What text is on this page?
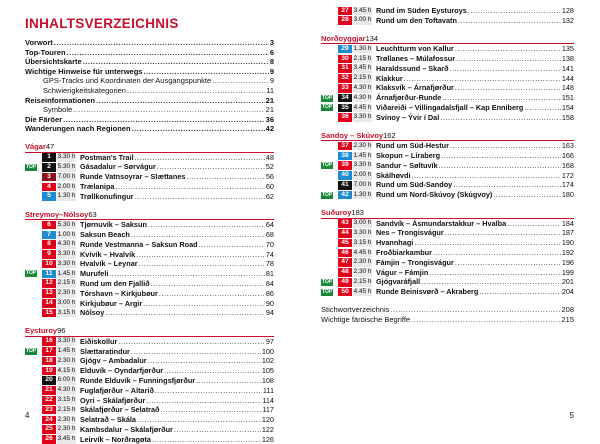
INHALTSVERZEICHNIS
Vorwort .....	3
Top-Touren .....	6
Übersichtskarte .....	8
Wichtige Hinweise für unterwegs .....	9
GPS-Tracks und Koordinaten der Ausgangspunkte .....	9
Schwierigkeitskategorien .....	11
Reiseinformationen .....	21
Symbole .....	21
Die Färöer .....	36
Wanderungen nach Regionen .....	42
Vágar 47
1	3.30 h Postman's Trail .....	48
TOP	2	5.30 h Gásadalur – Sørvágur .....	52
3	7.00 h Runde Vatnsoyrar – Slættanes .....	56
4	2.00 h Trælanipa .....	60
5	1.30 h Trøllkonufingur .....	62
Streymoy–Nólsoy 63
6	5.30 h Tjørnuvík – Saksun .....	64
7	1.00 h Saksun Beach .....	68
8	4.30 h Runde Vestmanna – Saksun Road .....	70
9	3.30 h Kvívík – Hvalvík .....	74
10 3.30 h Hvalvík – Leynar .....	78
TOP	11 1.45 h Murufeli .....	81
12 2.15 h Rund um den Fjallið .....	84
13 2.30 h Tórshavn – Kirkjubøur .....	86
14 3.00 h Kirkjubøur – Argir .....	90
15 3.15 h Nólsoy .....	94
Eysturoy 96
16 3.30 h Eiðiskollur .....	97
TOP	17 1.45 h Slættaratindur .....	100
18 2.30 h Gjógv – Ambadalur .....	102
19 4.15 h Elduvík – Oyndarfjørður .....	105
20 6.00 h Runde Elduvík – Funningsfjørður .....	108
21 4.30 h Fuglafjørður – Altarið .....	111
22 3.15 h Oyri – Skálafjørður .....	114
23 2.15 h Skálafjørður – Selatrað .....	117
24 2.30 h Selatrað – Skála .....	120
25 2.30 h Kambsdalur – Skálafjørður .....	122
26 3.45 h Leirvík – Norðragøta .....	126
4
27 3.45 h Rund im Süden Eysturoys .....	128
28 3.00 h Rund um den Toftavatn .....	132
Norðoyggjar 134
29 1.30 h Leuchtturm von Kallur .....	135
30 2.15 h Trøllanes – Múlafossur .....	138
31 3.45 h Haraldssund – Skarð .....	141
32 2.15 h Klakkur .....	144
33 4.30 h Klaksvík – Árnafjørður .....	148
TOP	34 4.30 h Árnafjørður-Runde .....	151
TOP	35 4.45 h Viðareiði – Villingadalsfjall – Kap Enniberg .....	154
36 3.30 h Svínoy – Ývir í Dal .....	158
Sandoy – Skúvoy 162
37 2.30 h Rund um Süd-Hestur .....	163
38 1.45 h Skopun – Líraberg .....	166
TOP	39 3.30 h Sandur – Søltuvík .....	168
40 2.00 h Skálhøvdi .....	172
41 7.00 h Rund um Süd-Sandoy .....	174
TOP	42 1.30 h Rund um Nord-Skúvoy (Skúgvoy) .....	180
Suðuroy 183
43 3.00 h Sandvík – Ásmundarstakkur – Hvalba .....	184
44 3.30 h Nes – Trongisvágur .....	187
45 3.15 h Hvannhagi .....	190
46 4.45 h Froðbiarkambur .....	192
47 2.30 h Fámjin – Trongisvágur .....	196
48 2.30 h Vágur – Fámjin .....	199
TOP	49 2.15 h Gjógvaráfjall .....	201
TOP	50 4.45 h Runde Beinisvørð – Akraberg .....	204
Stichwortverzeichnis .....	208
Wichtige färöische Begriffe .....	215
5
